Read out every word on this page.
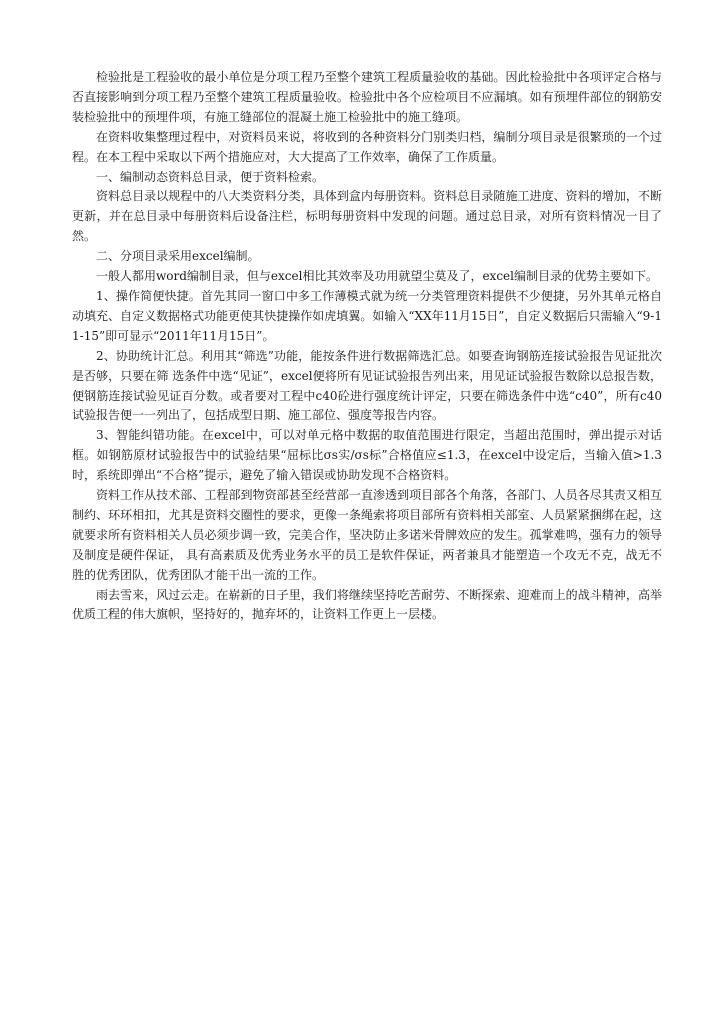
检验批是工程验收的最小单位是分项工程乃至整个建筑工程质量验收的基础。因此检验批中各项评定合格与否直接影响到分项工程乃至整个建筑工程质量验收。检验批中各个应检项目不应漏填。如有预埋件部位的钢筋安装检验批中的预埋件项，有施工缝部位的混凝土施工检验批中的施工缝项。

在资料收集整理过程中，对资料员来说，将收到的各种资料分门别类归档，编制分项目录是很繁琐的一个过程。在本工程中采取以下两个措施应对，大大提高了工作效率，确保了工作质量。

一、编制动态资料总目录，便于资料检索。

资料总目录以规程中的八大类资料分类，具体到盒内每册资料。资料总目录随施工进度、资料的增加，不断更新，并在总目录中每册资料后设备注栏，标明每册资料中发现的问题。通过总目录，对所有资料情况一目了然。

二、分项目录采用excel编制。

一般人都用word编制目录，但与excel相比其效率及功用就望尘莫及了，excel编制目录的优势主要如下。

1、操作简便快捷。首先其同一窗口中多工作薄模式就为统一分类管理资料提供不少便捷，另外其单元格自动填充、自定义数据格式功能更使其快捷操作如虎填翼。如输入“XX年11月15日”，自定义数据后只需输入“9-11-15”即可显示“2011年11月15日”。

2、协助统计汇总。利用其“筛选”功能，能按条件进行数据筛选汇总。如要查询钢筋连接试验报告见证批次是否够，只要在筛 选条件中选“见证”，excel便将所有见证试验报告列出来，用见证试验报告数除以总报告数，便钢筋连接试验见证百分数。或者要对工程中c40砼进行强度统计评定，只要在筛选条件中选“c40”，所有c40试验报告便一一列出了，包括成型日期、施工部位、强度等报告内容。

3、智能纠错功能。在excel中，可以对单元格中数据的取值范围进行限定，当超出范围时，弹出提示对话框。如钢筋原材试验报告中的试验结果“屈标比σs实/σs标”合格值应≤1.3，在excel中设定后，当输入值>1.3时，系统即弹出“不合格”提示，避免了输入错误或协助发现不合格资料。

资料工作从技术部、工程部到物资部甚至经营部一直渗透到项目部各个角落，各部门、人员各尽其责又相互制约、环环相扣，尤其是资料交圈性的要求，更像一条绳索将项目部所有资料相关部室、人员紧紧捆绑在起，这就要求所有资料相关人员必须步调一致，完美合作，坚决防止多诺米骨牌效应的发生。孤掌难鸣，强有力的领导及制度是硬件保证， 具有高素质及优秀业务水平的员工是软件保证，两者兼具才能塑造一个攻无不克，战无不胜的优秀团队，优秀团队才能干出一流的工作。

雨去雪来，风过云走。在崭新的日子里，我们将继续坚持吃苦耐劳、不断探索、迎难而上的战斗精神，高举优质工程的伟大旗帜，坚持好的，抛弃坏的，让资料工作更上一层楼。
